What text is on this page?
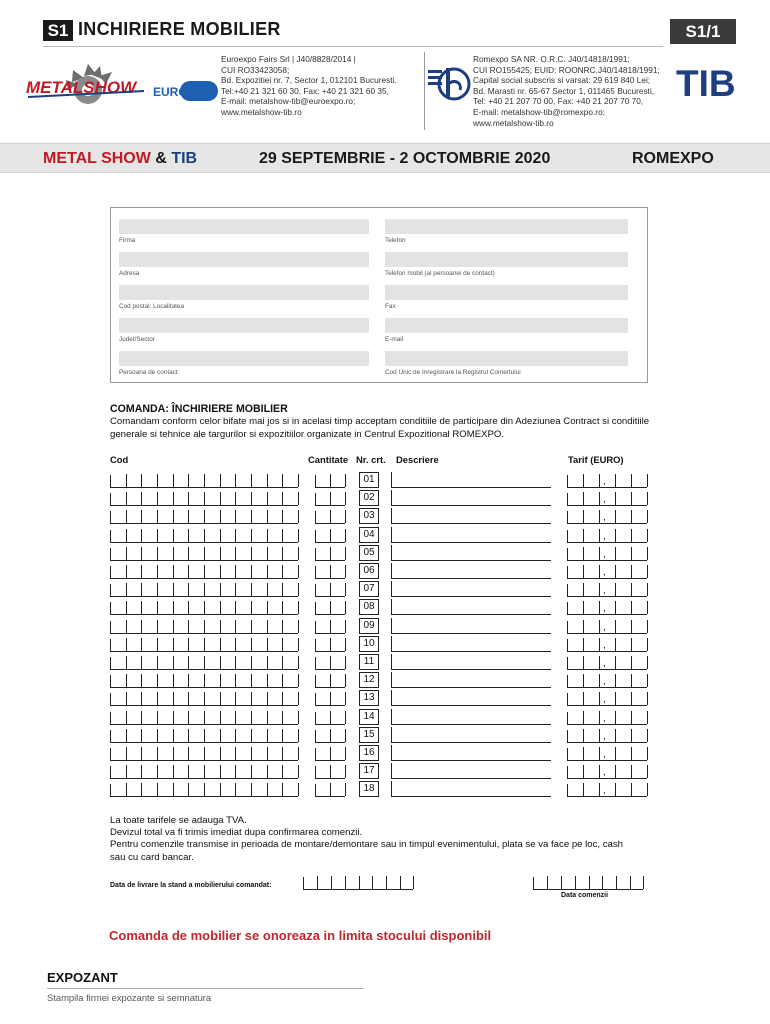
S1 INCHIRIERE MOBILIER	S1/1
METALSHOW EUROexpo
Euroexpo Fairs Srl | J40/8828/2014 |
CUI RO33423058;
Bd. Expozitiei nr. 7, Sector 1, 012101 Bucuresti.
Tel:+40 21 321 60 30, Fax: +40 21 321 60 35,
E-mail: metalshow-tib@euroexpo.ro;
www.metalshow-tib.ro
Romexpo SA NR. O.R.C. J40/14818/1991;
CUI RO155425; EUID: ROONRC.J40/14818/1991;
Capital social subscris si varsat: 29 619 840 Lei;
Bd. Marasti nr. 65-67 Sector 1, 011465 Bucuresti,
Tel: +40 21 207 70 00, Fax: +40 21 207 70 70,
E-mail: metalshow-tib@romexpo.ro;
www.metalshow-tib.ro
TIB
METAL SHOW & TIB	29 SEPTEMBRIE - 2 OCTOMBRIE 2020	ROMEXPO
Firma	Telefon
Adresa	Telefon mobil (al persoanei de contact)
Cod postal; Localitatea	Fax
Judet/Sector	E-mail
Persoana de contact	Cod Unic de Inregistrare la Registrul Comertului
COMANDA: ÎNCHIRIERE MOBILIER
Comandam conform celor bifate mai jos si in acelasi timp acceptam conditiile de participare din Adeziunea Contract si conditiile
generale si tehnice ale targurilor si expozitiilor organizate in Centrul Expozitional ROMEXPO.
Cod	Cantitate Nr. crt. Descriere	Tarif (EURO)
01	,
02	,
03	,
04	,
05	,
06	,
07	,
08	,
09	,
10	,
11	,
12	,
13	,
14	,
15	,
16	,
17	,
18	,
La toate tarifele se adauga TVA.
Devizul total va fi trimis imediat dupa confirmarea comenzii.
Pentru comenzile transmise in perioada de montare/demontare sau in timpul evenimentului, plata se va face pe loc, cash
sau cu card bancar.
Data de livrare la stand a mobilierului comandat:
Data comenzii
Comanda de mobilier se onoreaza in limita stocului disponibil
EXPOZANT
Stampila firmei expozante si semnatura
